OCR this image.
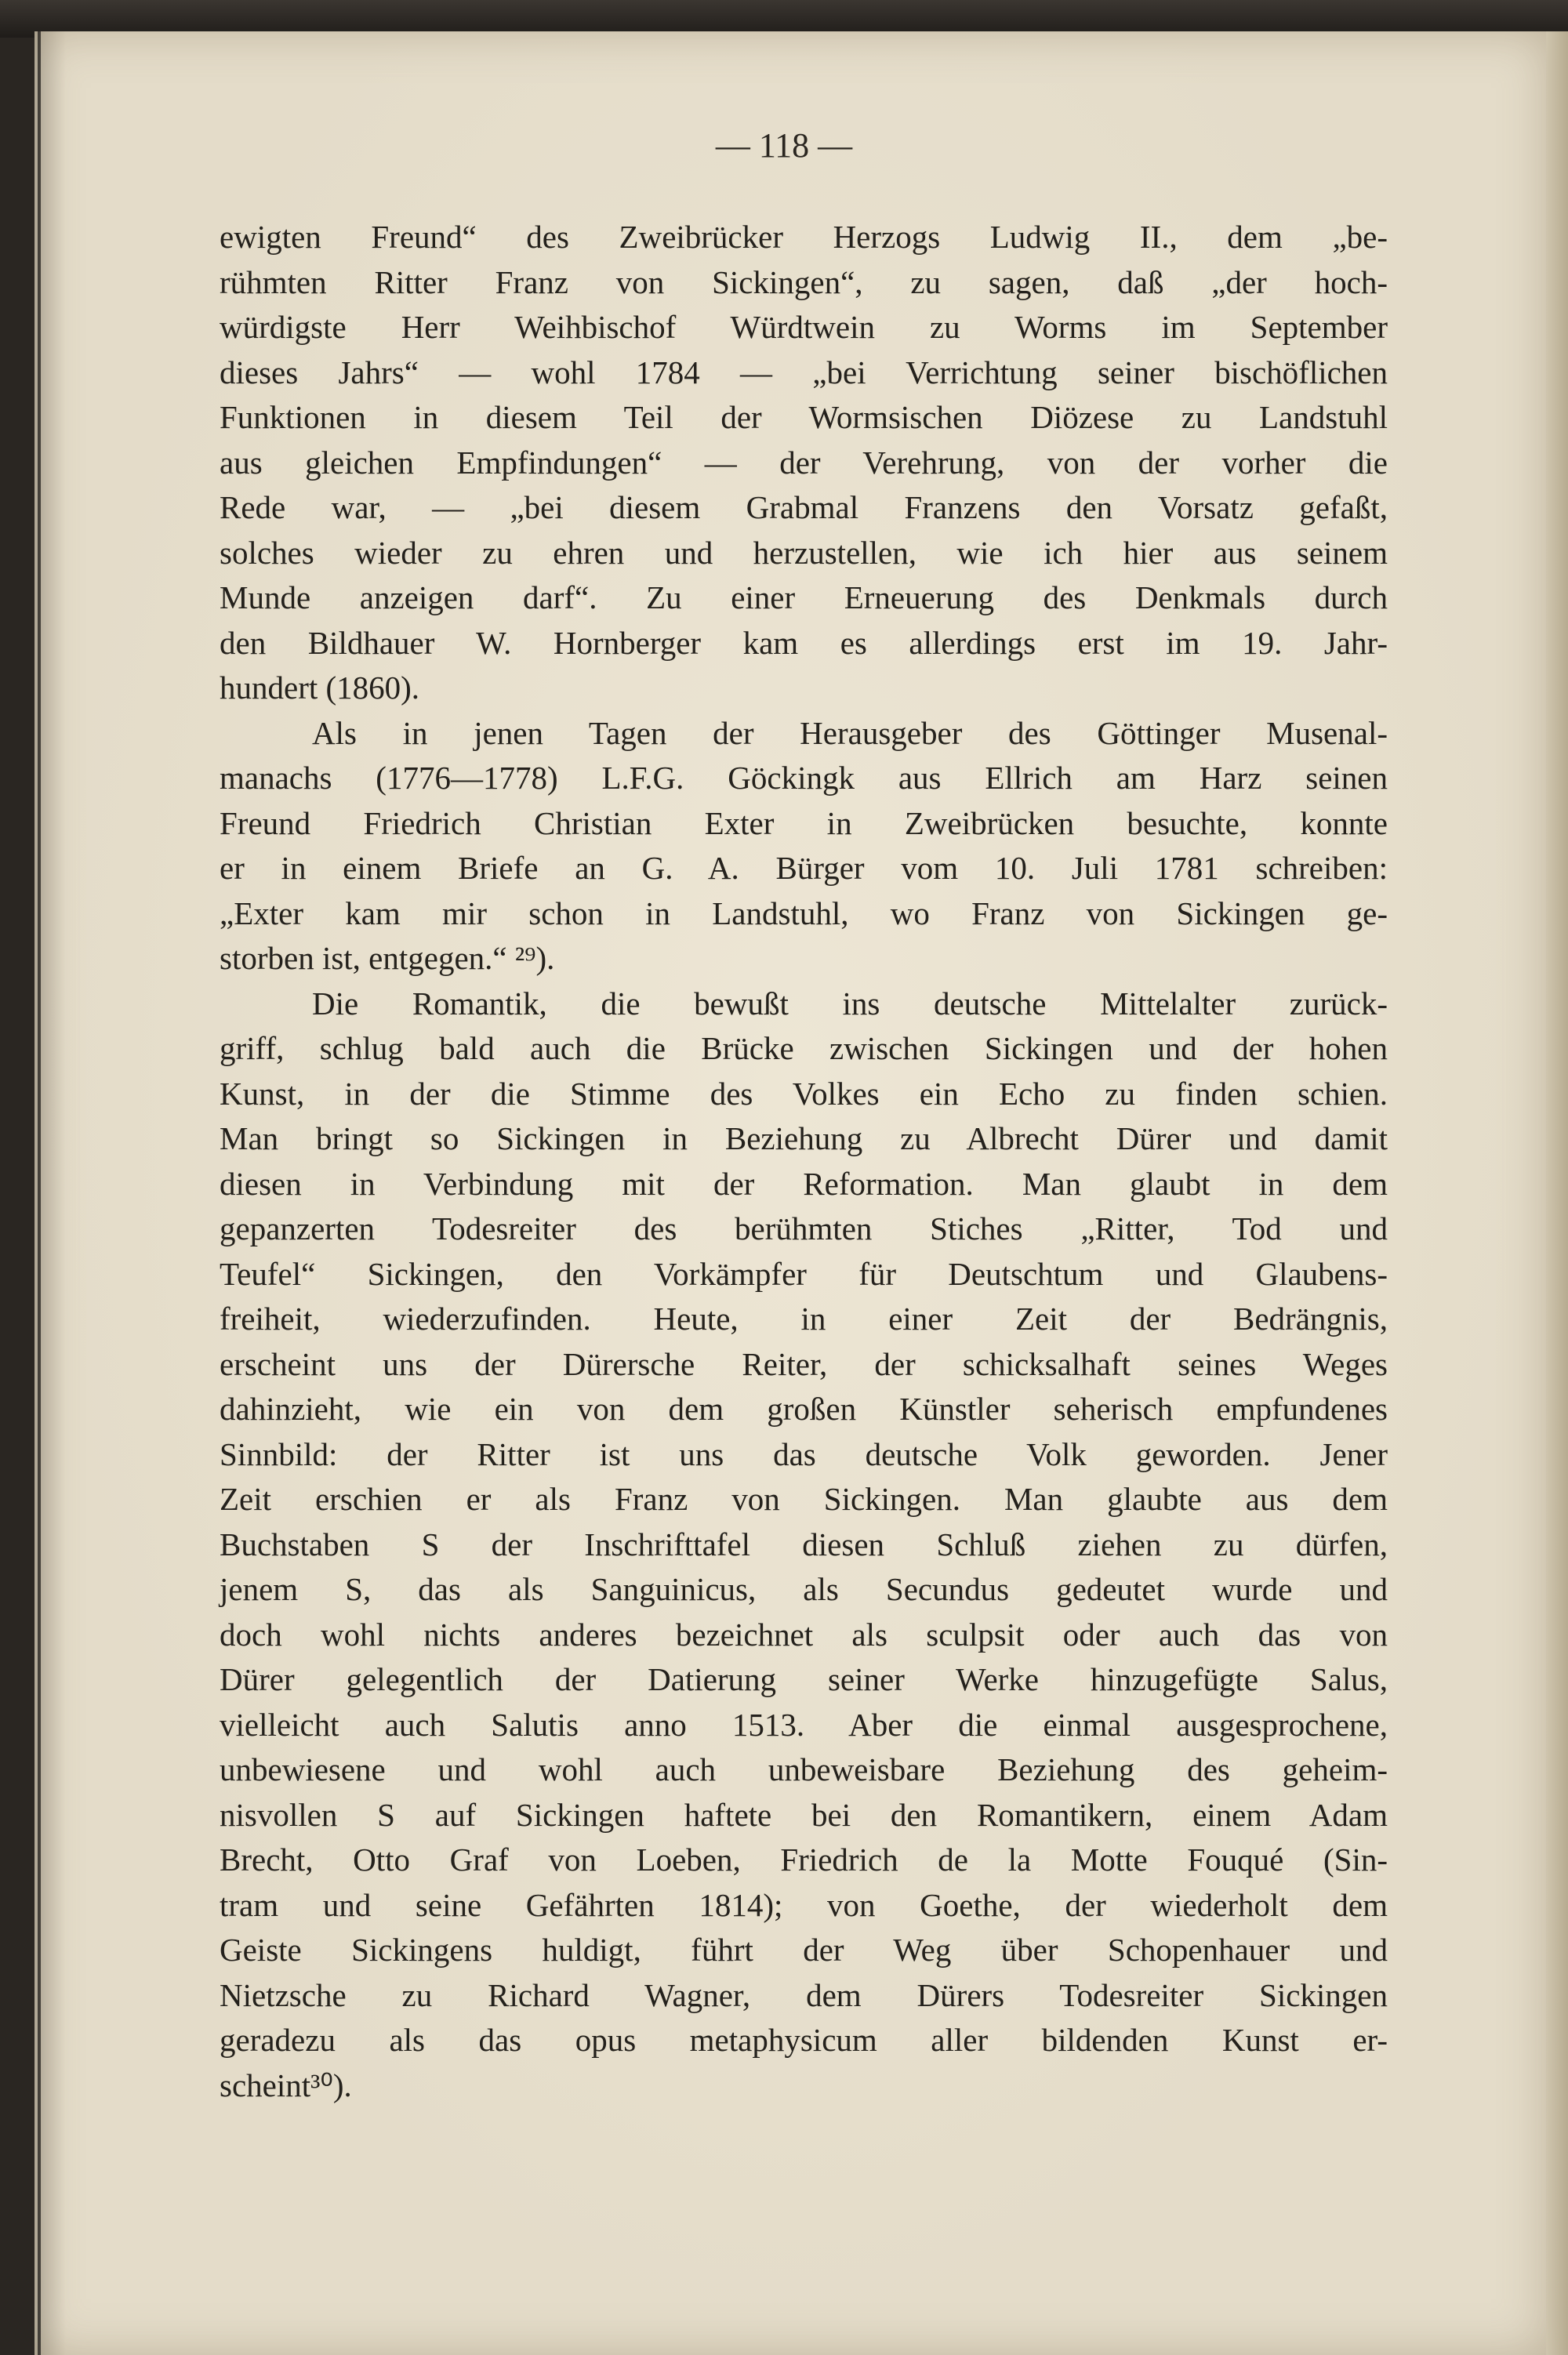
— 118 —
ewigten Freund“ des Zweibrücker Herzogs Ludwig II., dem „be-
rühmten Ritter Franz von Sickingen“, zu sagen, daß „der hoch-
würdigste Herr Weihbischof Würdtwein zu Worms im September
dieses Jahrs“ — wohl 1784 — „bei Verrichtung seiner bischöflichen
Funktionen in diesem Teil der Wormsischen Diözese zu Landstuhl
aus gleichen Empfindungen“ — der Verehrung, von der vorher die
Rede war, — „bei diesem Grabmal Franzens den Vorsatz gefaßt,
solches wieder zu ehren und herzustellen, wie ich hier aus seinem
Munde anzeigen darf“. Zu einer Erneuerung des Denkmals durch
den Bildhauer W. Hornberger kam es allerdings erst im 19. Jahr-
hundert (1860).
Als in jenen Tagen der Herausgeber des Göttinger Musenal-
manachs (1776—1778) L.F.G. Göckingk aus Ellrich am Harz seinen
Freund Friedrich Christian Exter in Zweibrücken besuchte, konnte
er in einem Briefe an G. A. Bürger vom 10. Juli 1781 schreiben:
„Exter kam mir schon in Landstuhl, wo Franz von Sickingen ge-
storben ist, entgegen.“ ²⁹).
Die Romantik, die bewußt ins deutsche Mittelalter zurück-
griff, schlug bald auch die Brücke zwischen Sickingen und der hohen
Kunst, in der die Stimme des Volkes ein Echo zu finden schien.
Man bringt so Sickingen in Beziehung zu Albrecht Dürer und damit
diesen in Verbindung mit der Reformation. Man glaubt in dem
gepanzerten Todesreiter des berühmten Stiches „Ritter, Tod und
Teufel“ Sickingen, den Vorkämpfer für Deutschtum und Glaubens-
freiheit, wiederzufinden. Heute, in einer Zeit der Bedrängnis,
erscheint uns der Dürersche Reiter, der schicksalhaft seines Weges
dahinzieht, wie ein von dem großen Künstler seherisch empfundenes
Sinnbild: der Ritter ist uns das deutsche Volk geworden. Jener
Zeit erschien er als Franz von Sickingen. Man glaubte aus dem
Buchstaben S der Inschrifttafel diesen Schluß ziehen zu dürfen,
jenem S, das als Sanguinicus, als Secundus gedeutet wurde und
doch wohl nichts anderes bezeichnet als sculpsit oder auch das von
Dürer gelegentlich der Datierung seiner Werke hinzugefügte Salus,
vielleicht auch Salutis anno 1513. Aber die einmal ausgesprochene,
unbewiesene und wohl auch unbeweisbare Beziehung des geheim-
nisvollen S auf Sickingen haftete bei den Romantikern, einem Adam
Brecht, Otto Graf von Loeben, Friedrich de la Motte Fouqué (Sin-
tram und seine Gefährten 1814); von Goethe, der wiederholt dem
Geiste Sickingens huldigt, führt der Weg über Schopenhauer und
Nietzsche zu Richard Wagner, dem Dürers Todesreiter Sickingen
geradezu als das opus metaphysicum aller bildenden Kunst er-
scheint³⁰).
